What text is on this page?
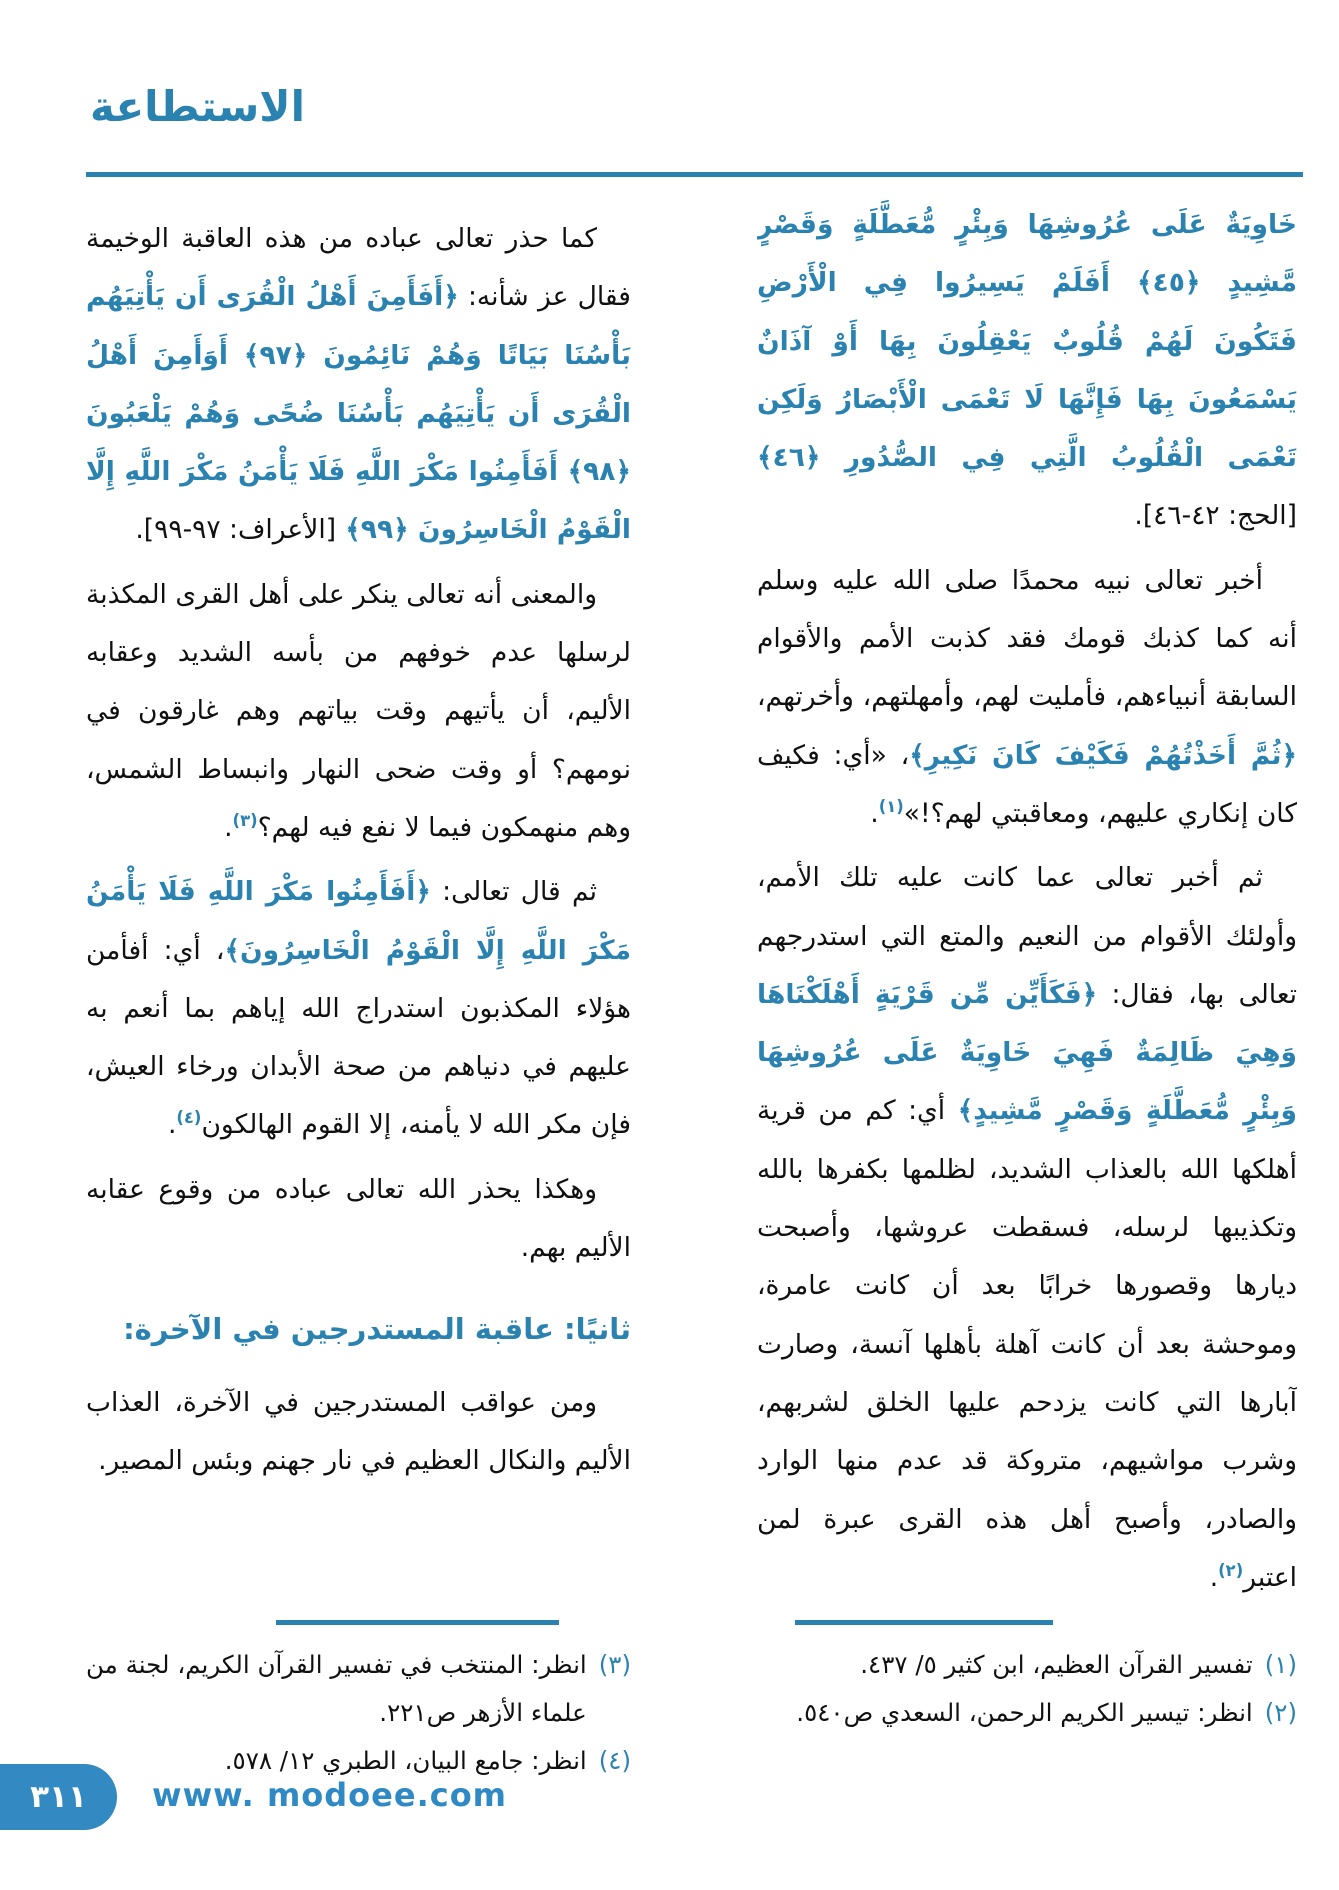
الاستطاعة

خَاوِيَةٌ عَلَى عُرُوشِهَا وَبِئْرٍ مُّعَطَّلَةٍ وَقَصْرٍ مَّشِيدٍ ﴿٤٥﴾ أَفَلَمْ يَسِيرُوا فِي الْأَرْضِ فَتَكُونَ لَهُمْ قُلُوبٌ يَعْقِلُونَ بِهَا أَوْ آذَانٌ يَسْمَعُونَ بِهَا فَإِنَّهَا لَا تَعْمَى الْأَبْصَارُ وَلَكِن تَعْمَى الْقُلُوبُ الَّتِي فِي الصُّدُورِ ﴿٤٦﴾ [الحج: ٤٢-٤٦].

أخبر تعالى نبيه محمدًا صلى الله عليه وسلم أنه كما كذبك قومك فقد كذبت الأمم والأقوام السابقة أنبياءهم، فأمليت لهم، وأمهلتهم، وأخرتهم، ﴿ثُمَّ أَخَذْتُهُمْ فَكَيْفَ كَانَ نَكِيرِ﴾، «أي: فكيف كان إنكاري عليهم، ومعاقبتي لهم؟!»$^{(١)}$.

ثم أخبر تعالى عما كانت عليه تلك الأمم، وأولئك الأقوام من النعيم والمتع التي استدرجهم تعالى بها، فقال: ﴿فَكَأَيِّن مِّن قَرْيَةٍ أَهْلَكْنَاهَا وَهِيَ ظَالِمَةٌ فَهِيَ خَاوِيَةٌ عَلَى عُرُوشِهَا وَبِئْرٍ مُّعَطَّلَةٍ وَقَصْرٍ مَّشِيدٍ﴾ أي: كم من قرية أهلكها الله بالعذاب الشديد، لظلمها بكفرها بالله وتكذيبها لرسله، فسقطت عروشها، وأصبحت ديارها وقصورها خرابًا بعد أن كانت عامرة، وموحشة بعد أن كانت آهلة بأهلها آنسة، وصارت آبارها التي كانت يزدحم عليها الخلق لشربهم، وشرب مواشيهم، متروكة قد عدم منها الوارد والصادر، وأصبح أهل هذه القرى عبرة لمن اعتبر$^{(٢)}$.

(١)
تفسير القرآن العظيم، ابن كثير ٥/ ٤٣٧.
(٢)
انظر: تيسير الكريم الرحمن، السعدي ص٥٤٠.

كما حذر تعالى عباده من هذه العاقبة الوخيمة فقال عز شأنه: ﴿أَفَأَمِنَ أَهْلُ الْقُرَى أَن يَأْتِيَهُم بَأْسُنَا بَيَاتًا وَهُمْ نَائِمُونَ ﴿٩٧﴾ أَوَأَمِنَ أَهْلُ الْقُرَى أَن يَأْتِيَهُم بَأْسُنَا ضُحًى وَهُمْ يَلْعَبُونَ ﴿٩٨﴾ أَفَأَمِنُوا مَكْرَ اللَّهِ فَلَا يَأْمَنُ مَكْرَ اللَّهِ إِلَّا الْقَوْمُ الْخَاسِرُونَ ﴿٩٩﴾ [الأعراف: ٩٧-٩٩].

والمعنى أنه تعالى ينكر على أهل القرى المكذبة لرسلها عدم خوفهم من بأسه الشديد وعقابه الأليم، أن يأتيهم وقت بياتهم وهم غارقون في نومهم؟ أو وقت ضحى النهار وانبساط الشمس، وهم منهمكون فيما لا نفع فيه لهم؟$^{(٣)}$.

ثم قال تعالى: ﴿أَفَأَمِنُوا مَكْرَ اللَّهِ فَلَا يَأْمَنُ مَكْرَ اللَّهِ إِلَّا الْقَوْمُ الْخَاسِرُونَ﴾، أي: أفأمن هؤلاء المكذبون استدراج الله إياهم بما أنعم به عليهم في دنياهم من صحة الأبدان ورخاء العيش، فإن مكر الله لا يأمنه، إلا القوم الهالكون$^{(٤)}$.

وهكذا يحذر الله تعالى عباده من وقوع عقابه الأليم بهم.

ثانيًا: عاقبة المستدرجين في الآخرة:

ومن عواقب المستدرجين في الآخرة، العذاب الأليم والنكال العظيم في نار جهنم وبئس المصير.

(٣)
انظر: المنتخب في تفسير القرآن الكريم، لجنة من علماء الأزهر ص٢٢١.
(٤)
انظر: جامع البيان، الطبري ١٢/ ٥٧٨.
٣١١ www. modoee.com
